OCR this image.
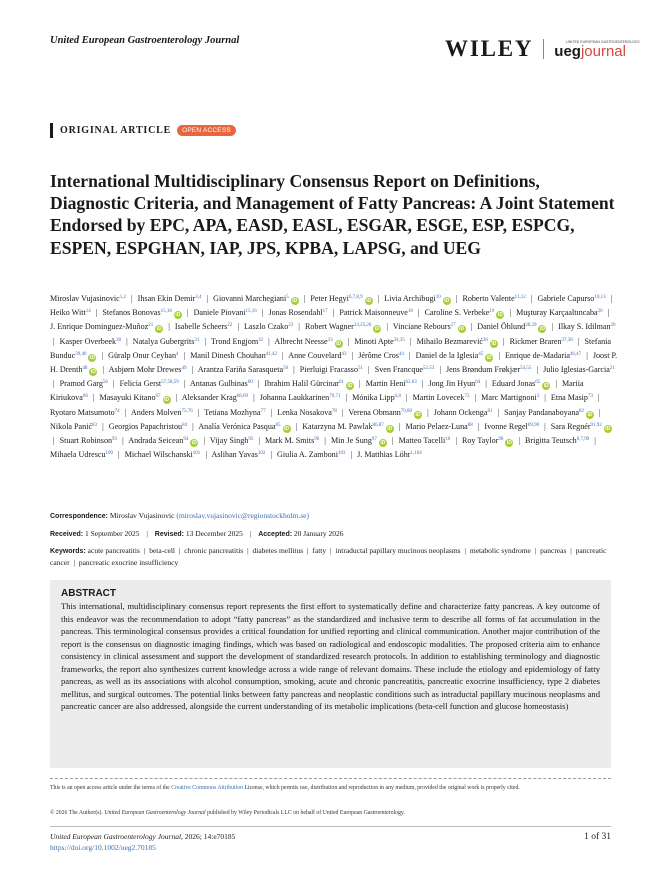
United European Gastroenterology Journal	WILEY	UNITED EUROPEAN GASTROENTEROLOGY
uegjournal
ORIGINAL ARTICLE	OPEN ACCESS
International Multidisciplinary Consensus Report on Definitions, Diagnostic Criteria, and Management of Fatty Pancreas: A Joint Statement Endorsed by EPC, APA, EASD, EASL, ESGAR, ESGE, ESP, ESPCG, ESPEN, ESPGHAN, IAP, JPS, KPBA, LAPSG, and UEG
Miroslav Vujasinovic$^{1,2}$ | Ihsan Ekin Demir$^{3,4}$ | Giovanni Marchegiani$^5$iD | Peter Hegyi$^{6,7,8,9}$iD | Livia Archibugi$^{10}$iD | Roberto Valente$^{11,12}$ | Gabriele Capurso$^{10,13}$ | Heiko Witt$^{14}$ | Stefanos Bonovas$^{15,16}$iD | Daniele Piovani$^{15,16}$ | Jonas Rosendahl$^{17}$ | Patrick Maisonneuve$^{18}$ | Caroline S. Verbeke$^{19}$iD | Muşturay Karçaaltıncaba$^{20}$ | J. Enrique Dominguez-Muñoz$^{21}$iD | Isabelle Scheers$^{22}$ | Laszlo Czako$^{23}$ | Robert Wagner$^{24,25,26}$iD | Vinciane Rebours$^{27}$iD | Daniel Öhlund$^{28,29}$iD | Ilkay S. Idilman$^{20}$ | Kasper Overbeek$^{30}$ | Natalya Gubergrits$^{31}$ | Trond Engjom$^{32}$ | Albrecht Neesse$^{33}$iD | Minoti Apte$^{34,35}$ | Mihailo Bezmarević$^{36}$iD | Rickmer Braren$^{37,38}$ | Stefania Bunduc$^{39,40}$iD | Güralp Onur Ceyhan$^4$ | Manil Dinesh Chouhan$^{41,42}$ | Anne Couvelard$^{43}$ | Jérôme Cros$^{44}$ | Daniel de la Iglesia$^{45}$iD | Enrique de-Madaria$^{46,47}$ | Joost P. H. Drenth$^{48}$iD | Asbjørn Mohr Drewes$^{49}$ | Arantza Fariña Sarasqueta$^{50}$ | Pierluigi Fracasso$^{51}$ | Sven Francque$^{52,53}$ | Jens Brøndum Frøkjær$^{54,55}$ | Julio Iglesias-Garcia$^{21}$ | Pramod Garg$^{56}$ | Felicia Gerst$^{57,58,59}$ | Antanas Gulbinas$^{60}$ | Ibrahim Halil Gürcinar$^{61}$iD | Martin Heni$^{62,63}$ | Jong Jin Hyun$^{64}$ | Eduard Jonas$^{65}$iD | Mariia Kiriukova$^{66}$ | Masayuki Kitano$^{67}$iD | Aleksander Krag$^{68,69}$ | Johanna Laukkarinen$^{70,71}$ | Mónika Lipp$^{6,8}$ | Martin Lovecek$^{72}$ | Marc Martignoni$^3$ | Etna Masip$^{73}$ | Ryotaro Matsumoto$^{74}$ | Anders Molven$^{75,76}$ | Tetiana Mozhyna$^{77}$ | Lenka Nosakova$^{78}$ | Verena Obmann$^{79,80}$iD | Johann Ockenga$^{81}$ | Sanjay Pandanaboyana$^{82}$iD | Nikola Panić$^{83}$ | Georgios Papachristou$^{84}$ | Analía Verónica Pasqua$^{85}$iD | Katarzyna M. Pawlak$^{86,87}$iD | Mario Pelaez-Luna$^{88}$ | Ivonne Regel$^{89,90}$ | Sara Regnér$^{91,92}$iD | Stuart Robinson$^{93}$ | Andrada Seicean$^{94}$iD | Vijay Singh$^{95}$ | Mark M. Smits$^{96}$ | Min Je Sung$^{97}$iD | Matteo Tacelli$^{10}$ | Roy Taylor$^{98}$iD | Brigitta Teutsch$^{6,7,99}$ | Mihaela Udrescu$^{100}$ | Michael Wilschanski$^{101}$ | Aslihan Yavas$^{102}$ | Giulia A. Zamboni$^{103}$ | J. Matthias Löhr$^{1,104}$
Correspondence: Miroslav Vujasinovic (miroslav.vujasinovic@regionstockholm.se)
Received: 1 September 2025 | Revised: 13 December 2025 | Accepted: 20 January 2026
Keywords: acute pancreatitis | beta-cell | chronic pancreatitis | diabetes mellitus | fatty | intraductal papillary mucinous neoplasms | metabolic syndrome | pancreas | pancreatic cancer | pancreatic exocrine insufficiency
ABSTRACT

This international, multidisciplinary consensus report represents the first effort to systematically define and characterize fatty pancreas. A key outcome of this endeavor was the recommendation to adopt “fatty pancreas” as the standardized and inclusive term to describe all forms of fat accumulation in the pancreas. This terminological consensus provides a critical foundation for unified reporting and clinical communication. Another major contribution of the report is the consensus on diagnostic imaging findings, which was based on radiological and endoscopic modalities. The proposed criteria aim to enhance consistency in clinical assessment and support the development of standardized research protocols. In addition to establishing terminology and diagnostic frameworks, the report also synthesizes current knowledge across a wide range of relevant domains. These include the etiology and epidemiology of fatty pancreas, as well as its associations with alcohol consumption, smoking, acute and chronic pancreatitis, pancreatic exocrine insufficiency, type 2 diabetes mellitus, and surgical outcomes. The potential links between fatty pancreas and neoplastic conditions such as intraductal papillary mucinous neoplasms and pancreatic cancer are also addressed, alongside the current understanding of its metabolic implications (beta-cell function and glucose homeostasis)

This is an open access article under the terms of the Creative Commons Attribution License, which permits use, distribution and reproduction in any medium, provided the original work is properly cited.
© 2026 The Author(s). United European Gastroenterology Journal published by Wiley Periodicals LLC on behalf of United European Gastroenterology.
United European Gastroenterology Journal, 2026; 14:e70185
https://doi.org/10.1002/ueg2.70185
1 of 31
